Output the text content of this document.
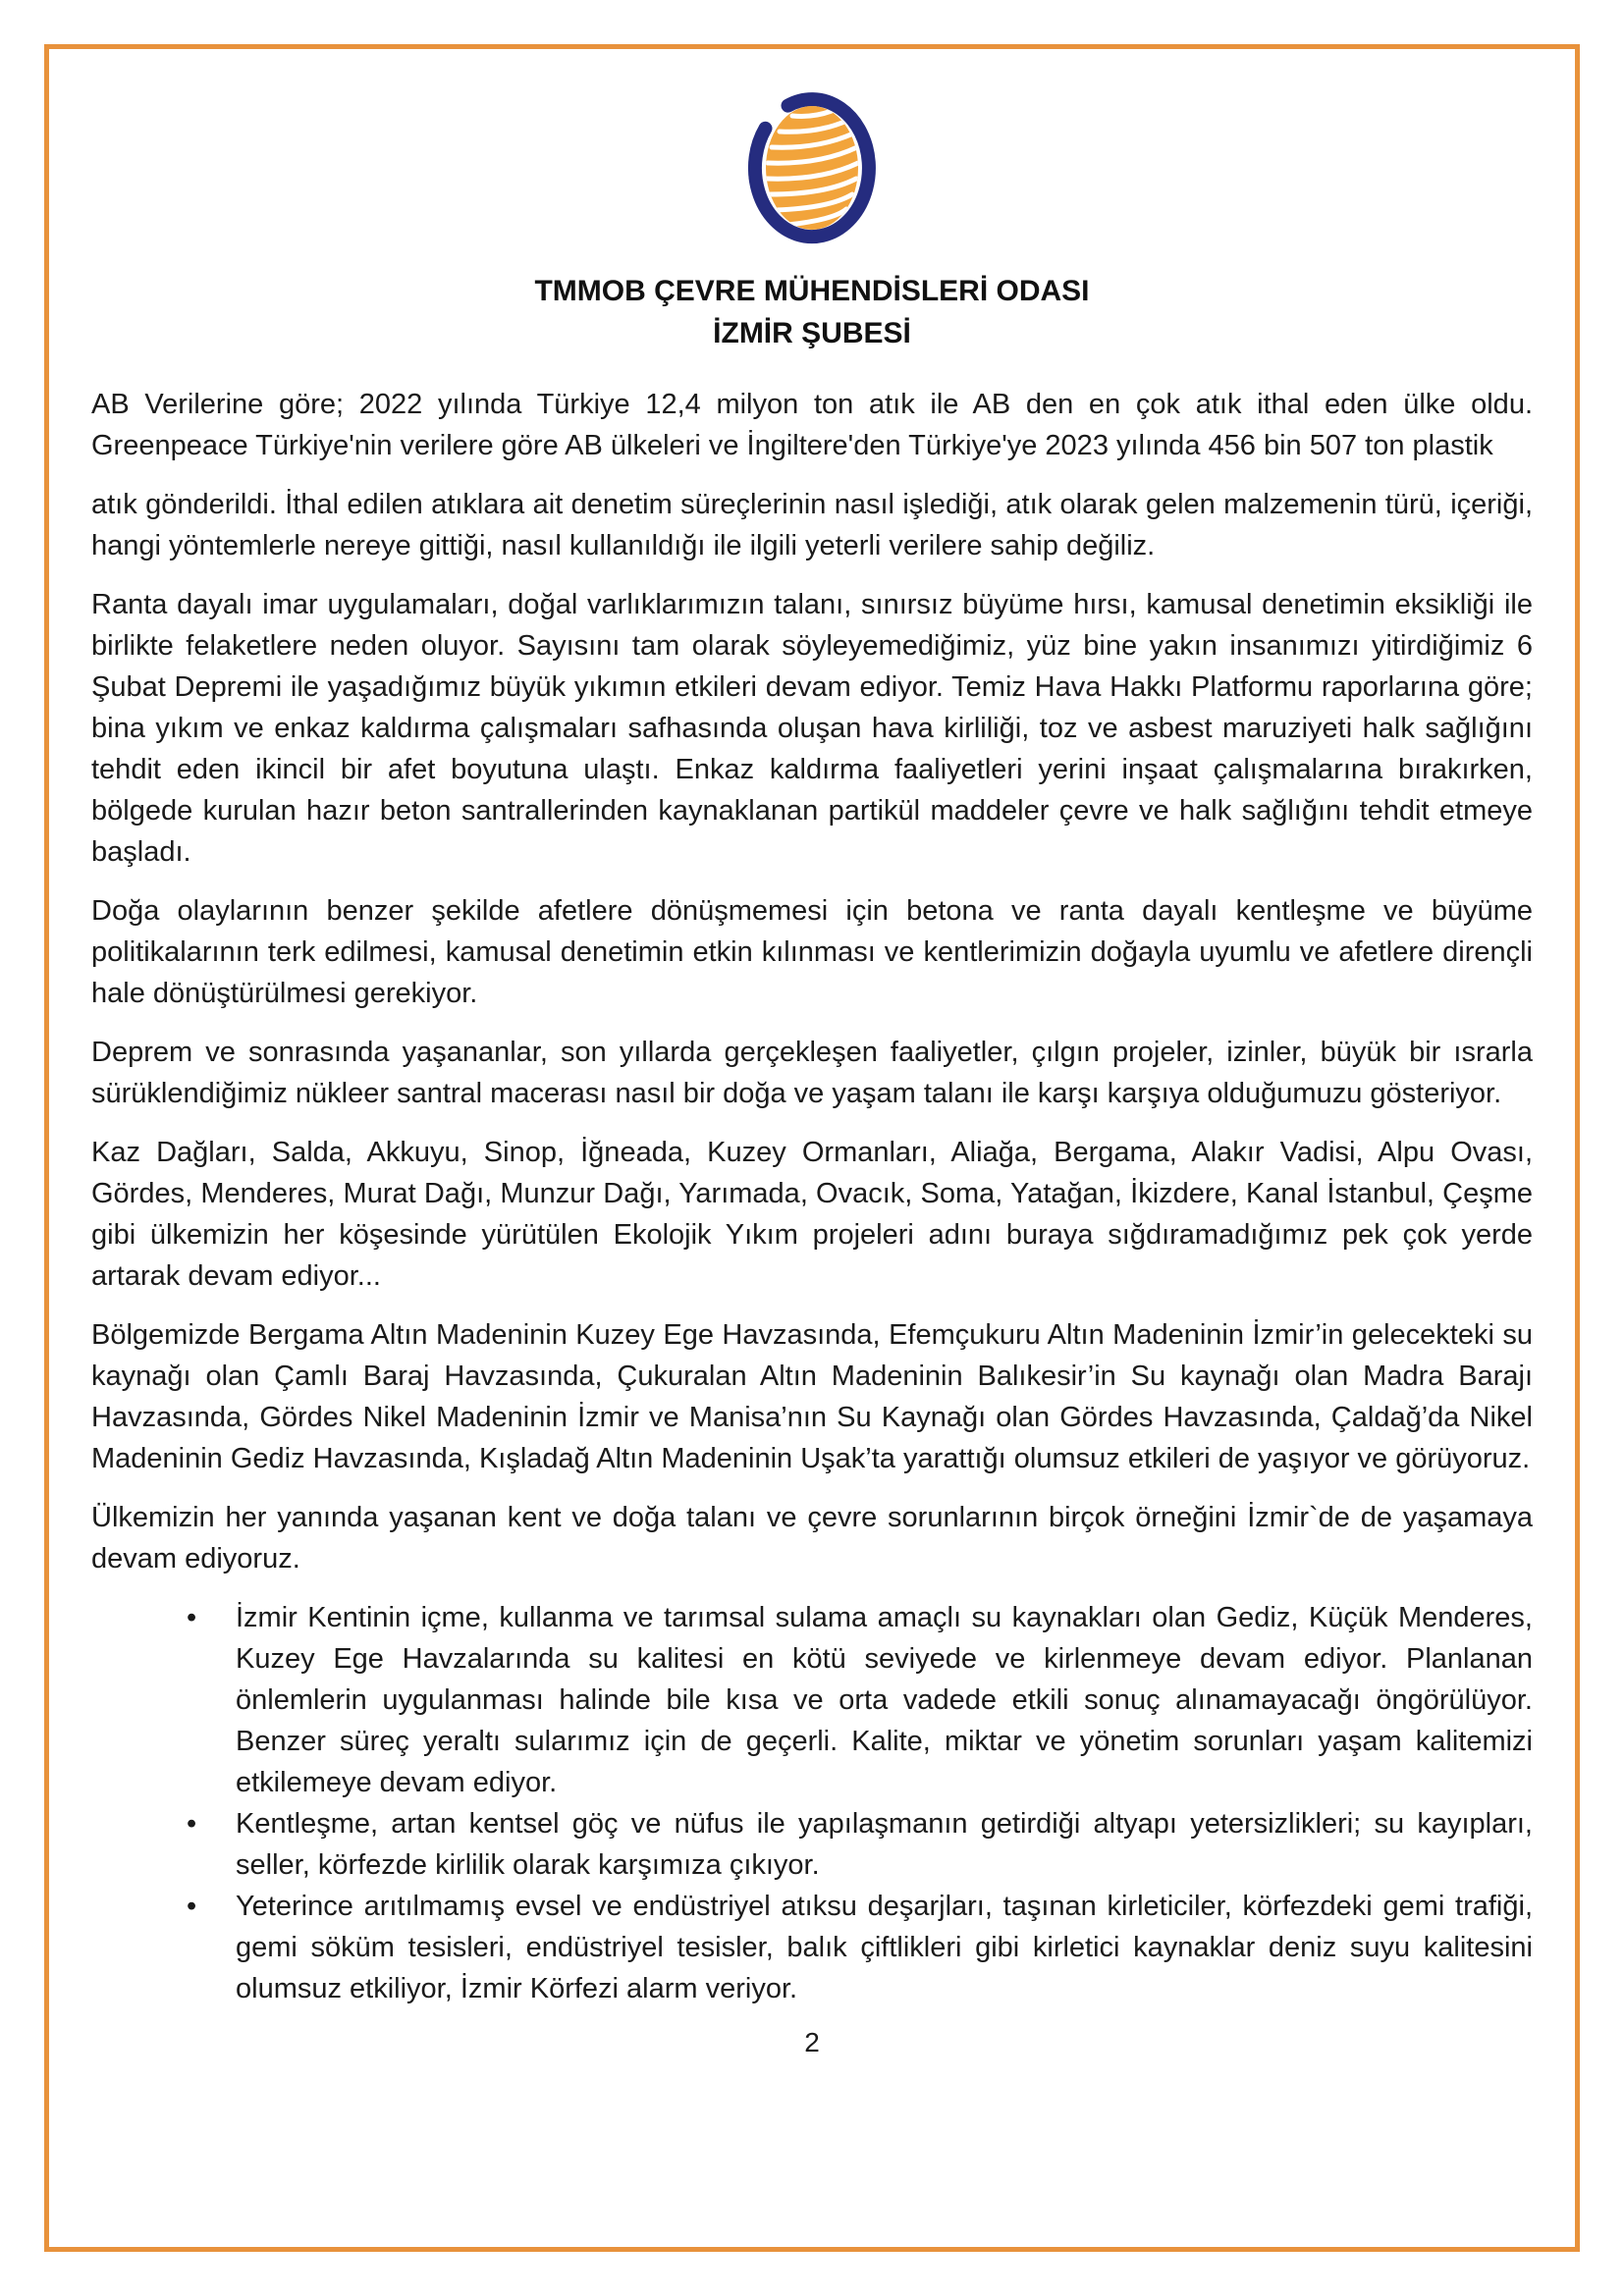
TMMOB ÇEVRE MÜHENDİSLERİ ODASI
İZMİR ŞUBESİ

AB Verilerine göre; 2022 yılında Türkiye 12,4 milyon ton atık ile AB den en çok atık ithal eden ülke oldu. Greenpeace Türkiye'nin verilere göre AB ülkeleri ve İngiltere'den Türkiye'ye 2023 yılında 456 bin 507 ton plastik

atık gönderildi. İthal edilen atıklara ait denetim süreçlerinin nasıl işlediği, atık olarak gelen malzemenin türü, içeriği, hangi yöntemlerle nereye gittiği, nasıl kullanıldığı ile ilgili yeterli verilere sahip değiliz.

Ranta dayalı imar uygulamaları, doğal varlıklarımızın talanı, sınırsız büyüme hırsı, kamusal denetimin eksikliği ile birlikte felaketlere neden oluyor. Sayısını tam olarak söyleyemediğimiz, yüz bine yakın insanımızı yitirdiğimiz 6 Şubat Depremi ile yaşadığımız büyük yıkımın etkileri devam ediyor. Temiz Hava Hakkı Platformu raporlarına göre; bina yıkım ve enkaz kaldırma çalışmaları safhasında oluşan hava kirliliği, toz ve asbest maruziyeti halk sağlığını tehdit eden ikincil bir afet boyutuna ulaştı. Enkaz kaldırma faaliyetleri yerini inşaat çalışmalarına bırakırken, bölgede kurulan hazır beton santrallerinden kaynaklanan partikül maddeler çevre ve halk sağlığını tehdit etmeye başladı.

Doğa olaylarının benzer şekilde afetlere dönüşmemesi için betona ve ranta dayalı kentleşme ve büyüme politikalarının terk edilmesi, kamusal denetimin etkin kılınması ve kentlerimizin doğayla uyumlu ve afetlere dirençli hale dönüştürülmesi gerekiyor.

Deprem ve sonrasında yaşananlar, son yıllarda gerçekleşen faaliyetler, çılgın projeler, izinler, büyük bir ısrarla sürüklendiğimiz nükleer santral macerası nasıl bir doğa ve yaşam talanı ile karşı karşıya olduğumuzu gösteriyor.

Kaz Dağları, Salda, Akkuyu, Sinop, İğneada, Kuzey Ormanları, Aliağa, Bergama, Alakır Vadisi, Alpu Ovası, Gördes, Menderes, Murat Dağı, Munzur Dağı, Yarımada, Ovacık, Soma, Yatağan, İkizdere, Kanal İstanbul, Çeşme gibi ülkemizin her köşesinde yürütülen Ekolojik Yıkım projeleri adını buraya sığdıramadığımız pek çok yerde artarak devam ediyor...

Bölgemizde Bergama Altın Madeninin Kuzey Ege Havzasında, Efemçukuru Altın Madeninin İzmir’in gelecekteki su kaynağı olan Çamlı Baraj Havzasında, Çukuralan Altın Madeninin Balıkesir’in Su kaynağı olan Madra Barajı Havzasında, Gördes Nikel Madeninin İzmir ve Manisa’nın Su Kaynağı olan Gördes Havzasında, Çaldağ’da Nikel Madeninin Gediz Havzasında, Kışladağ Altın Madeninin Uşak’ta yarattığı olumsuz etkileri de yaşıyor ve görüyoruz.

Ülkemizin her yanında yaşanan kent ve doğa talanı ve çevre sorunlarının birçok örneğini İzmir`de de yaşamaya devam ediyoruz.

•	İzmir Kentinin içme, kullanma ve tarımsal sulama amaçlı su kaynakları olan Gediz, Küçük Menderes, Kuzey Ege Havzalarında su kalitesi en kötü seviyede ve kirlenmeye devam ediyor. Planlanan önlemlerin uygulanması halinde bile kısa ve orta vadede etkili sonuç alınamayacağı öngörülüyor. Benzer süreç yeraltı sularımız için de geçerli. Kalite, miktar ve yönetim sorunları yaşam kalitemizi etkilemeye devam ediyor.
•	Kentleşme, artan kentsel göç ve nüfus ile yapılaşmanın getirdiği altyapı yetersizlikleri; su kayıpları, seller, körfezde kirlilik olarak karşımıza çıkıyor.
•	Yeterince arıtılmamış evsel ve endüstriyel atıksu deşarjları, taşınan kirleticiler, körfezdeki gemi trafiği, gemi söküm tesisleri, endüstriyel tesisler, balık çiftlikleri gibi kirletici kaynaklar deniz suyu kalitesini olumsuz etkiliyor, İzmir Körfezi alarm veriyor.
2
